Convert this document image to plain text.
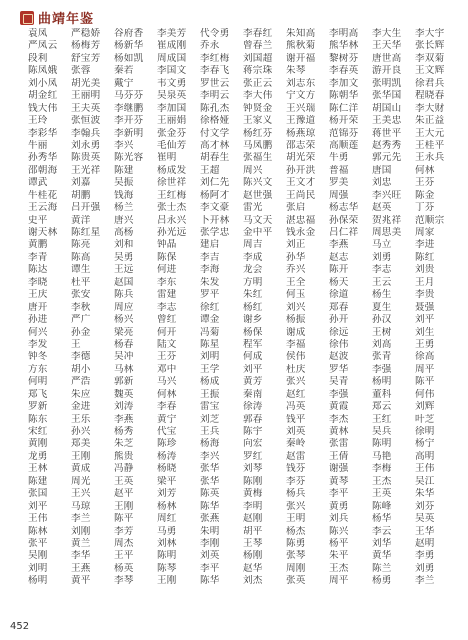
曲靖年鉴
袁凤	严稳娇	谷府香	李美芳	代令勇	李春红	朱知高	李明高	李大生	李大宇
严凤云	杨梅芳	杨新华	崔成刚	乔永	曾春兰	熊秋菊	熊华林	王天华	张长辉
段利	舒宝芳	杨如凯	周成国	李红梅	刘国超	谢开福	黎树芬	唐世高	李双菊
陈凤娥	张蓉	秦若	李国文	李春飞	蒋宗珠	朱琴	李春英	游开良	王文辉
刘小凤	胡光美	戴宁	韦文勇	罗世云	张正云	刘志东	李加文	张明凯	徐君兵
胡金红	王丽明	马芬芬	吴泉英	李明云	李大伟	宁文方	陈朝华	张华国	程晓春
钱大伟	王夫英	李继鹏	李加国	陈孔杰	钟贤金	王兴瑞	陈仁洋	胡国山	李大财
王玲	张恒波	李开芬	王丽娟	徐格娅	王家义	王豫道	杨开荣	王美忠	朱正益
李彩华	李翰兵	李新明	张金芬	付文学	杨红芬	杨燕琼	范锦芬	蒋世平	王大元
牛丽	刘永勇	李兴	毛仙芳	高才林	马凤鹏	邵志荣	高顺莲	赵秀秀	王桂平
孙秀华	陈贵英	陈光容	崔明	胡春生	张福生	胡光荣	牛勇	郭元先	王永兵
邵朝海	王光祥	陈建	杨成发	王超	周兴	孙开洪	普福	唐国	何林
谭武	刘嘉	吴振	徐世祥	刘仁先	陈兴文	王文才	罗美	刘忠	王芬
牛桂花	胡鹏	钱海	王红梅	杨阿才	赵世强	王尚民	周强	李兴旺	陈金
王云海	吕开强	杨兰	张士杰	李文豪	雷光	张启	杨志华	赵英	丁芬
史平	黄洋	唐兴	吕永兴	卜开林	马文天	湛忠福	孙保荣	贺兆祥	范顺宗
谢天林	陈红星	高杨	孙光远	张学忠	金中平	钱永金	吕仁祥	周思美	周家
黄鹏	陈亮	刘和	钟晶	建启	周吉	刘正	李燕	马立	李进
李青	陈高	吴勇	陈保	李吉	李成	孙华	赵志	刘勇	陈红
陈达	谭生	王远	何进	李海	龙会	乔兴	陈开	李志	刘贵
李晓	杜平	赵国	李东	朱发	方明	王全	杨天	王云	王月
王庆	张安	陈兵	雷建	罗平	朱红	何玉	徐道	杨生	李贵
唐开	李秋	周应	李志	徐红	杨红	刘兴	郑春	夏生	聂强
孙进	严广	杨兴	曾红	谭金	谢乡	杨振	孙开	孙汉	刘平
何兴	孙金	梁亮	何开	冯菊	杨保	谢成	徐远	王树	刘生
李发	王	杨春	陆文	陈星	程军	李福	徐伟	刘高	王勇
钟冬	李德	吴冲	王芬	刘明	何成	侯伟	赵波	张青	徐高
方东	胡小	马林	邓中	王学	刘平	杜庆	罗华	李强	周平
何明	严浩	郭新	马兴	杨成	黄芳	张兴	吴青	杨明	陈平
郑飞	朱应	魏英	何林	王振	秦南	赵红	李强	董科	何伟
罗新	金进	刘涛	李春	雷宝	徐涛	冯英	黄霞	郑云	刘辉
陈东	王乐	李燕	黄宁	刘芝	郭春	钱平	李杰	王红	叶芝
宋红	孙兴	杨秀	代宝	王兵	陈宇	刘英	黄林	吴兵	徐明
黄刚	郑美	朱芝	陈珍	杨海	向宏	秦岭	张雷	陈明	杨宁
龙勇	王刚	熊贵	杨涛	李兴	罗红	赵雷	王倩	马艳	高明
王林	黄成	冯静	杨晓	张华	刘琴	钱芬	谢强	李梅	王伟
陈建	周光	王英	梁平	张华	陈刚	李芬	黄琴	王杰	吴江
张国	王兴	赵平	刘芳	陈英	黄梅	杨兵	李平	王英	朱华
刘平	马琼	王刚	杨林	陈华	李明	张兴	黄勇	陈峰	刘芬
王伟	李兰	陈平	周红	张燕	赵刚	王明	刘兵	杨华	吴英
陈林	刘刚	李芳	马勇	朱明	胡平	杨杰	陈兴	李云	王华
张平	黄兰	周杰	刘林	李刚	王琴	陈勇	杨平	刘华	赵明
吴刚	李华	王平	陈明	刘英	杨刚	张琴	朱平	黄华	李勇
刘明	王燕	杨英	陈琴	李平	赵华	周刚	王杰	陈兰	刘勇
杨明	黄平	李琴	王刚	陈华	刘杰	张英	周平	杨勇	李兰
452
